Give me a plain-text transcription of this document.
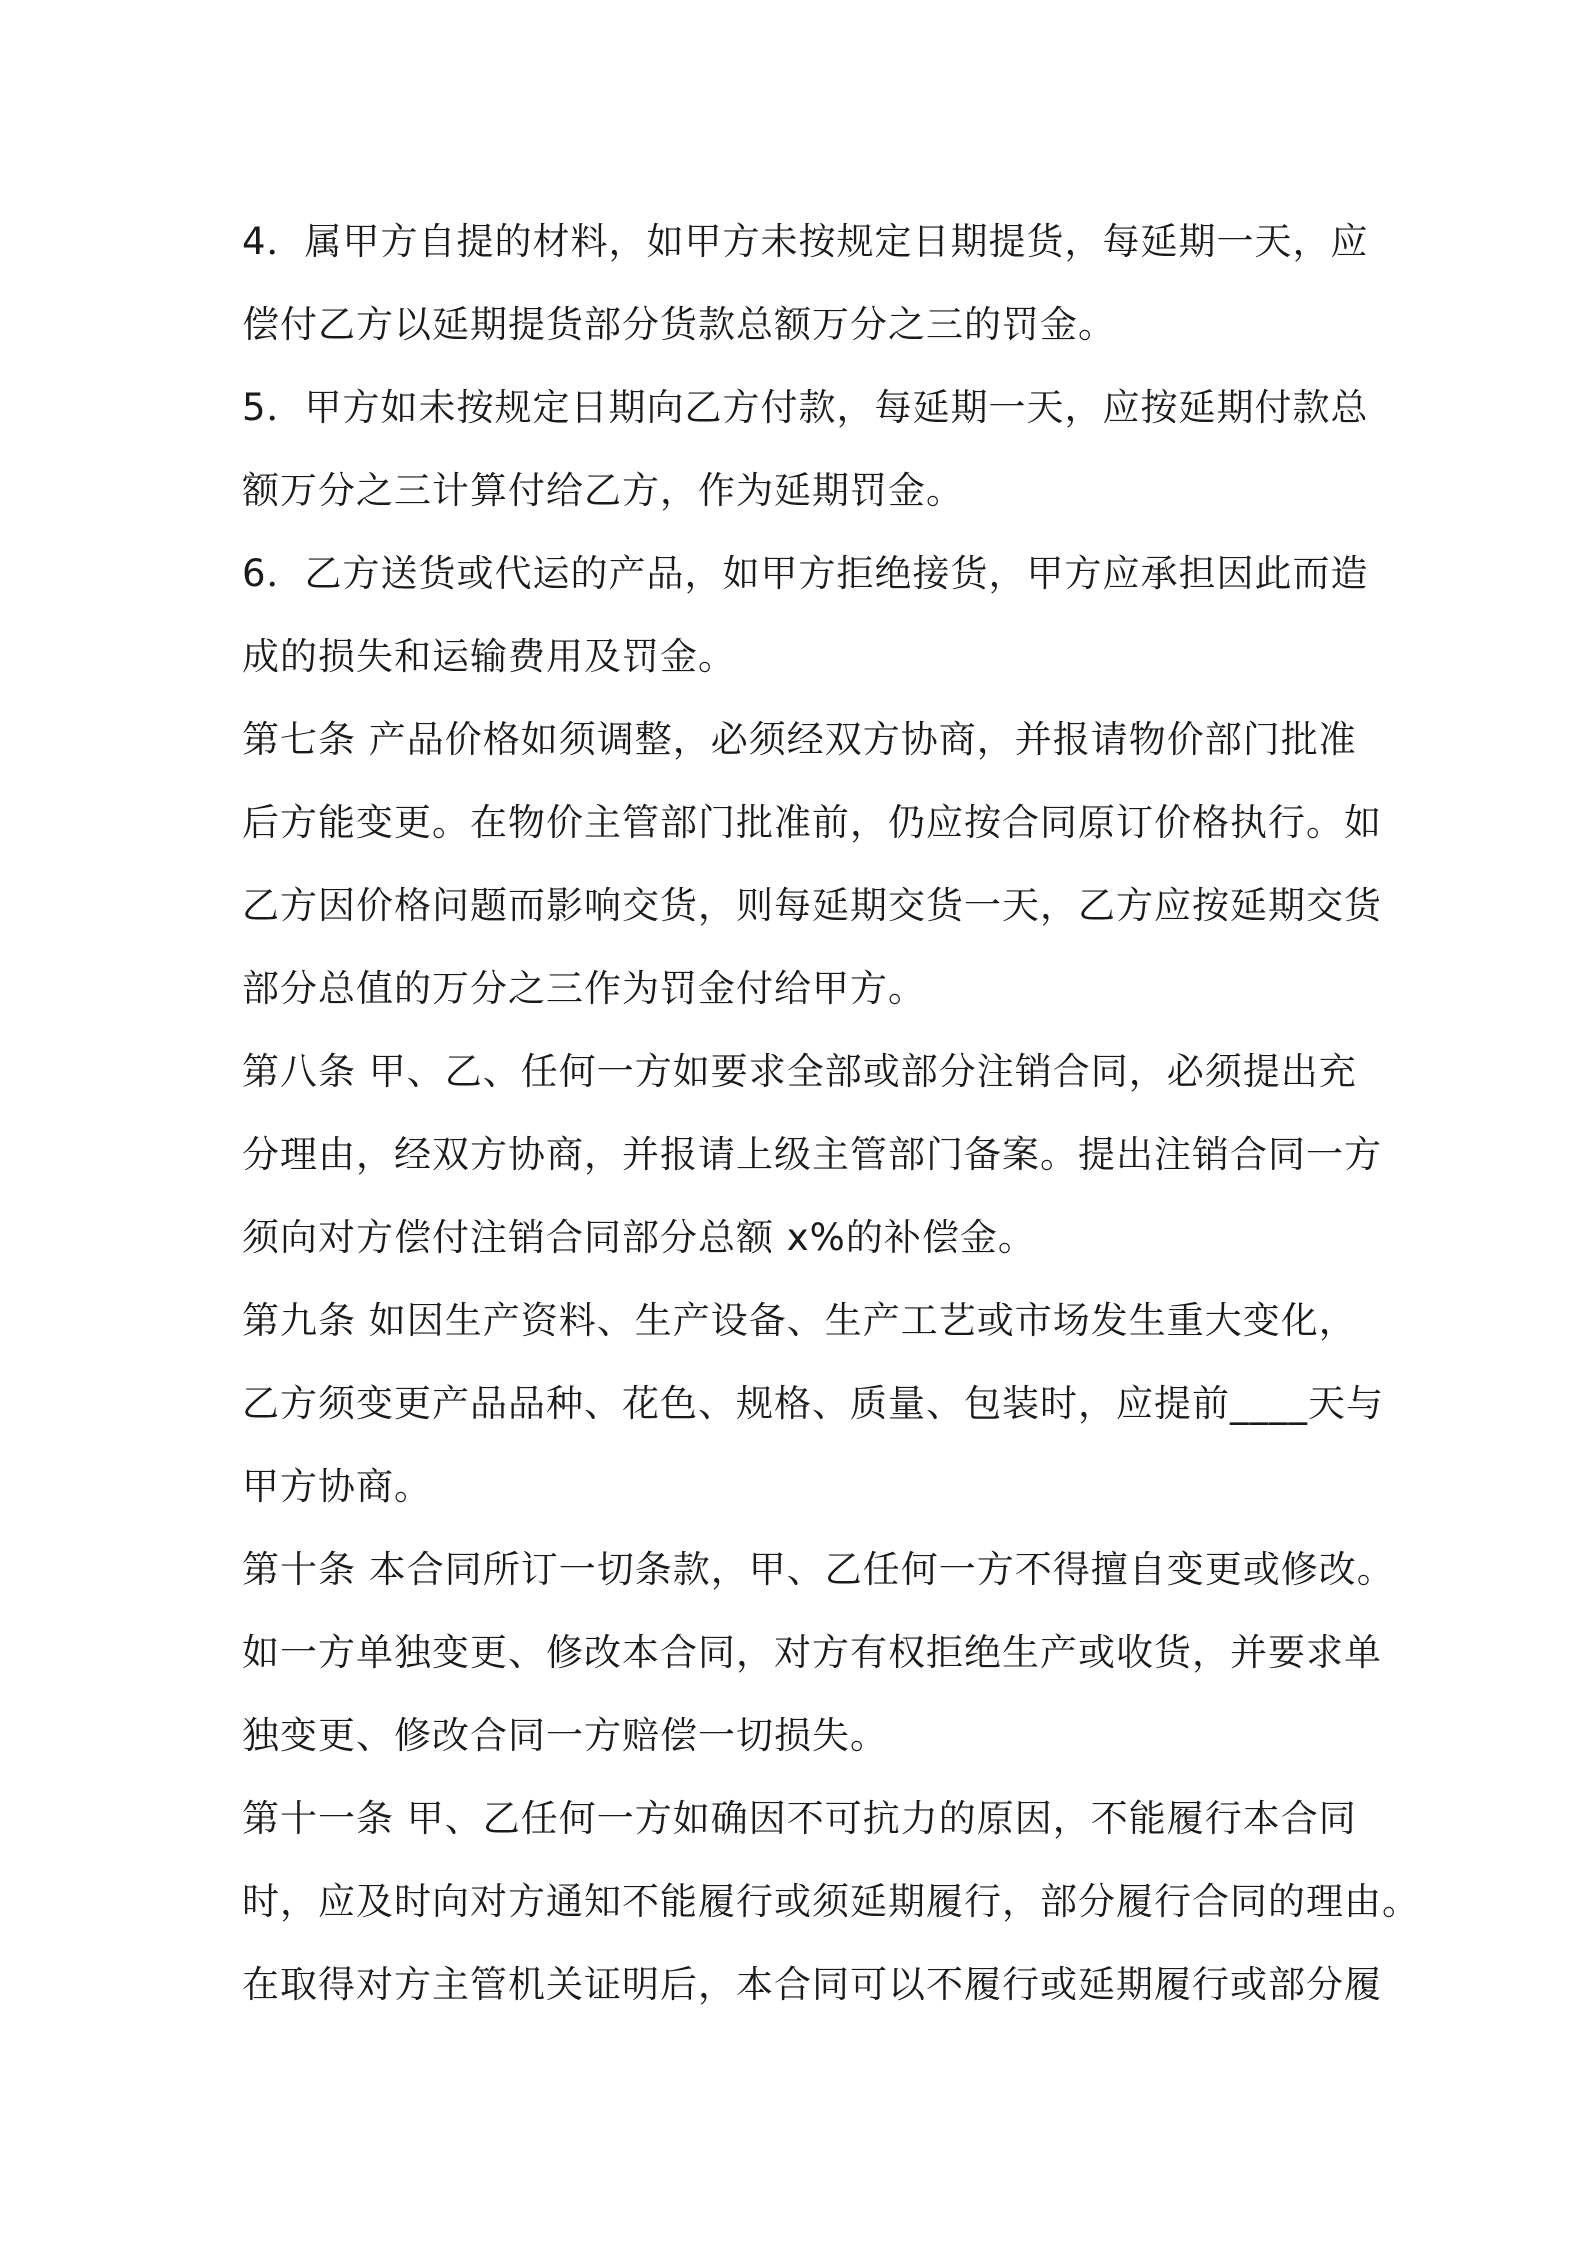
4．属甲方自提的材料，如甲方未按规定日期提货，每延期一天，应
偿付乙方以延期提货部分货款总额万分之三的罚金。
5．甲方如未按规定日期向乙方付款，每延期一天，应按延期付款总
额万分之三计算付给乙方，作为延期罚金。
6．乙方送货或代运的产品，如甲方拒绝接货，甲方应承担因此而造
成的损失和运输费用及罚金。
第七条 产品价格如须调整，必须经双方协商，并报请物价部门批准
后方能变更。在物价主管部门批准前，仍应按合同原订价格执行。如
乙方因价格问题而影响交货，则每延期交货一天，乙方应按延期交货
部分总值的万分之三作为罚金付给甲方。
第八条 甲、乙、任何一方如要求全部或部分注销合同，必须提出充
分理由，经双方协商，并报请上级主管部门备案。提出注销合同一方
须向对方偿付注销合同部分总额 x%的补偿金。
第九条 如因生产资料、生产设备、生产工艺或市场发生重大变化，
乙方须变更产品品种、花色、规格、质量、包装时，应提前____天与
甲方协商。
第十条 本合同所订一切条款，甲、乙任何一方不得擅自变更或修改。
如一方单独变更、修改本合同，对方有权拒绝生产或收货，并要求单
独变更、修改合同一方赔偿一切损失。
第十一条 甲、乙任何一方如确因不可抗力的原因，不能履行本合同
时，应及时向对方通知不能履行或须延期履行，部分履行合同的理由。
在取得对方主管机关证明后，本合同可以不履行或延期履行或部分履
